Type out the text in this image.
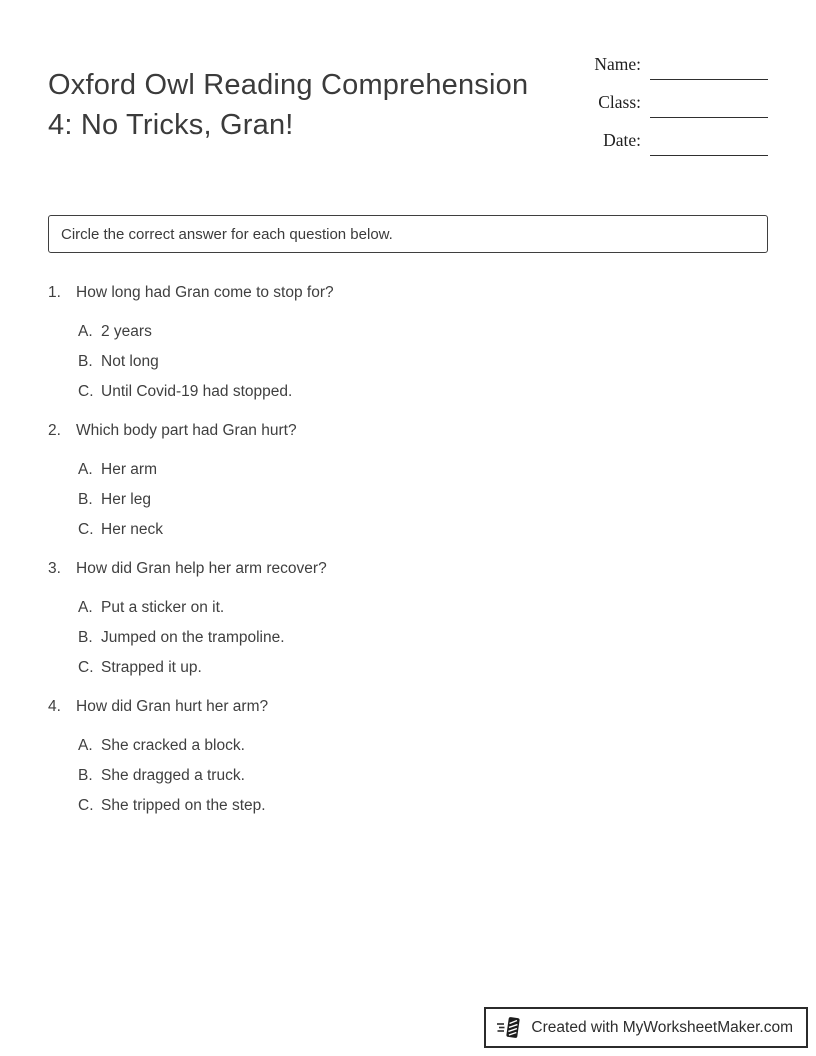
Oxford Owl Reading Comprehension 4: No Tricks, Gran!
Name:
Class:
Date:
Circle the correct answer for each question below.
1. How long had Gran come to stop for?
A. 2 years
B. Not long
C. Until Covid-19 had stopped.
2. Which body part had Gran hurt?
A. Her arm
B. Her leg
C. Her neck
3. How did Gran help her arm recover?
A. Put a sticker on it.
B. Jumped on the trampoline.
C. Strapped it up.
4. How did Gran hurt her arm?
A. She cracked a block.
B. She dragged a truck.
C. She tripped on the step.
Created with MyWorksheetMaker.com
